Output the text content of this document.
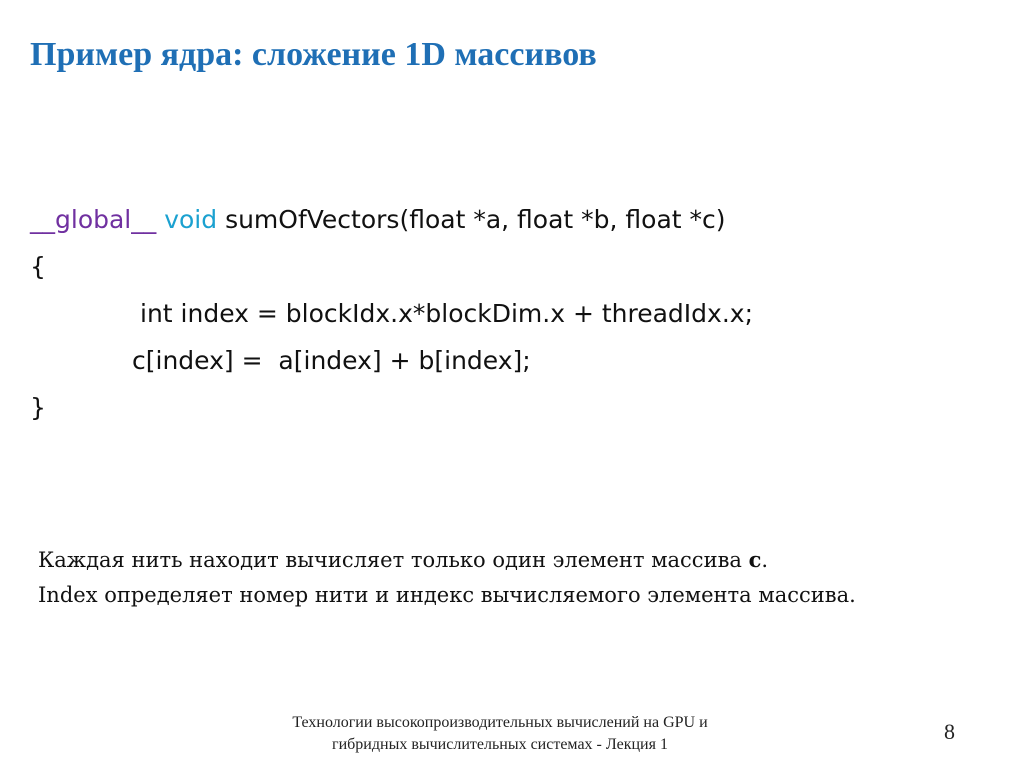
Пример ядра: сложение 1D массивов
__global__ void sumOfVectors(float *a, float *b, float *c)
{
int index = blockIdx.x*blockDim.x + threadIdx.x;
c[index] =  a[index] + b[index];
}

Каждая нить находит вычисляет только один элемент массива c.

Index определяет номер нити и индекс вычисляемого элемента массива.

Технологии высокопроизводительных вычислений на GPU и
гибридных вычислительных системах - Лекция 1
8
